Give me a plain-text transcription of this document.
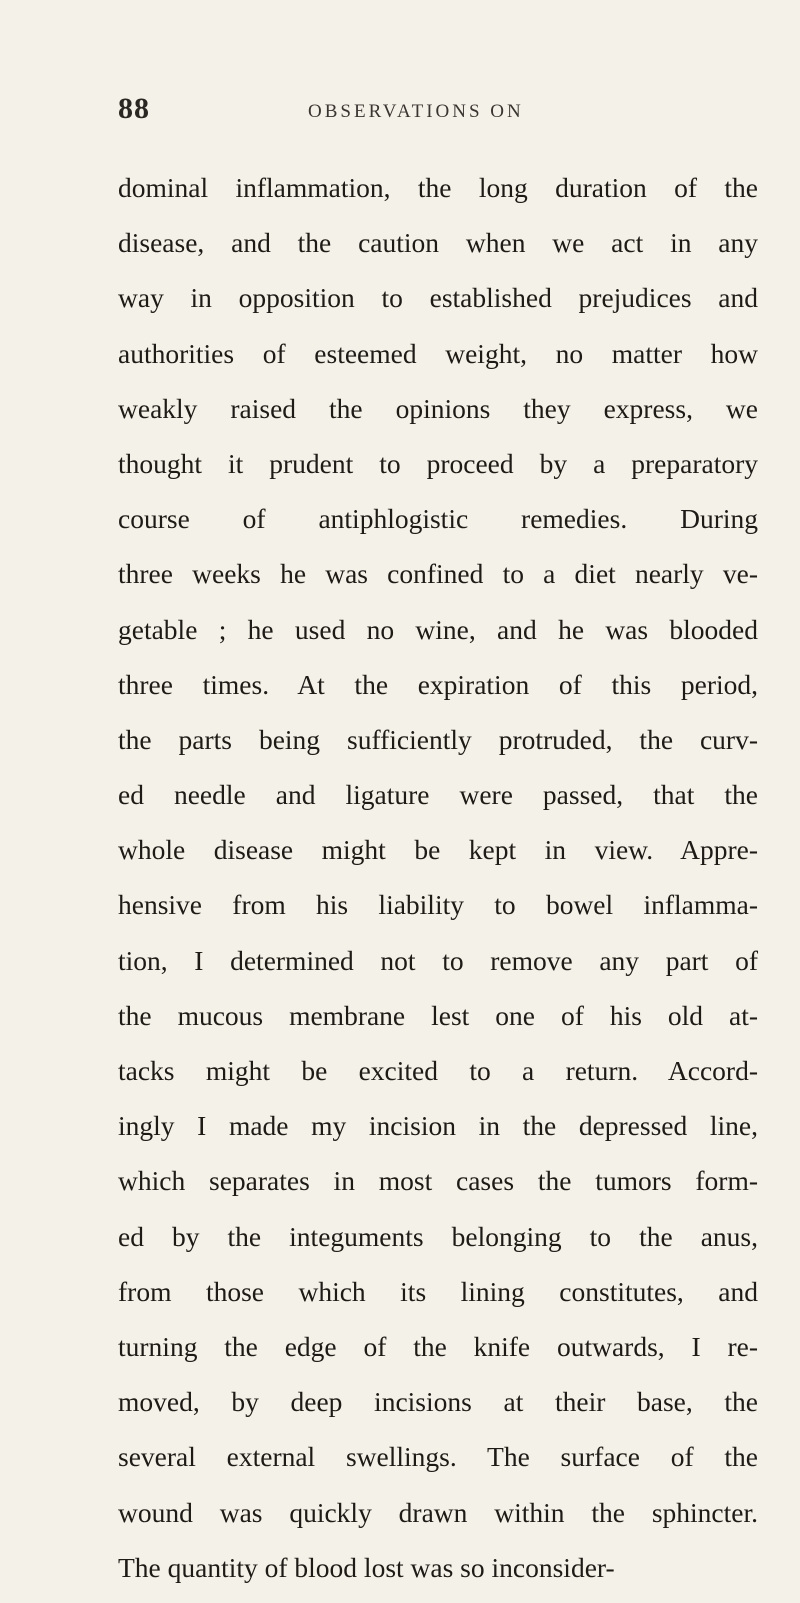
88	OBSERVATIONS ON
dominal inflammation, the long duration of the
disease, and the caution when we act in any
way in opposition to established prejudices and
authorities of esteemed weight, no matter how
weakly raised the opinions they express, we
thought it prudent to proceed by a preparatory
course of antiphlogistic remedies. During
three weeks he was confined to a diet nearly ve-
getable ; he used no wine, and he was blooded
three times. At the expiration of this period,
the parts being sufficiently protruded, the curv-
ed needle and ligature were passed, that the
whole disease might be kept in view. Appre-
hensive from his liability to bowel inflamma-
tion, I determined not to remove any part of
the mucous membrane lest one of his old at-
tacks might be excited to a return. Accord-
ingly I made my incision in the depressed line,
which separates in most cases the tumors form-
ed by the integuments belonging to the anus,
from those which its lining constitutes, and
turning the edge of the knife outwards, I re-
moved, by deep incisions at their base, the
several external swellings. The surface of the
wound was quickly drawn within the sphincter.
The quantity of blood lost was so inconsider-
